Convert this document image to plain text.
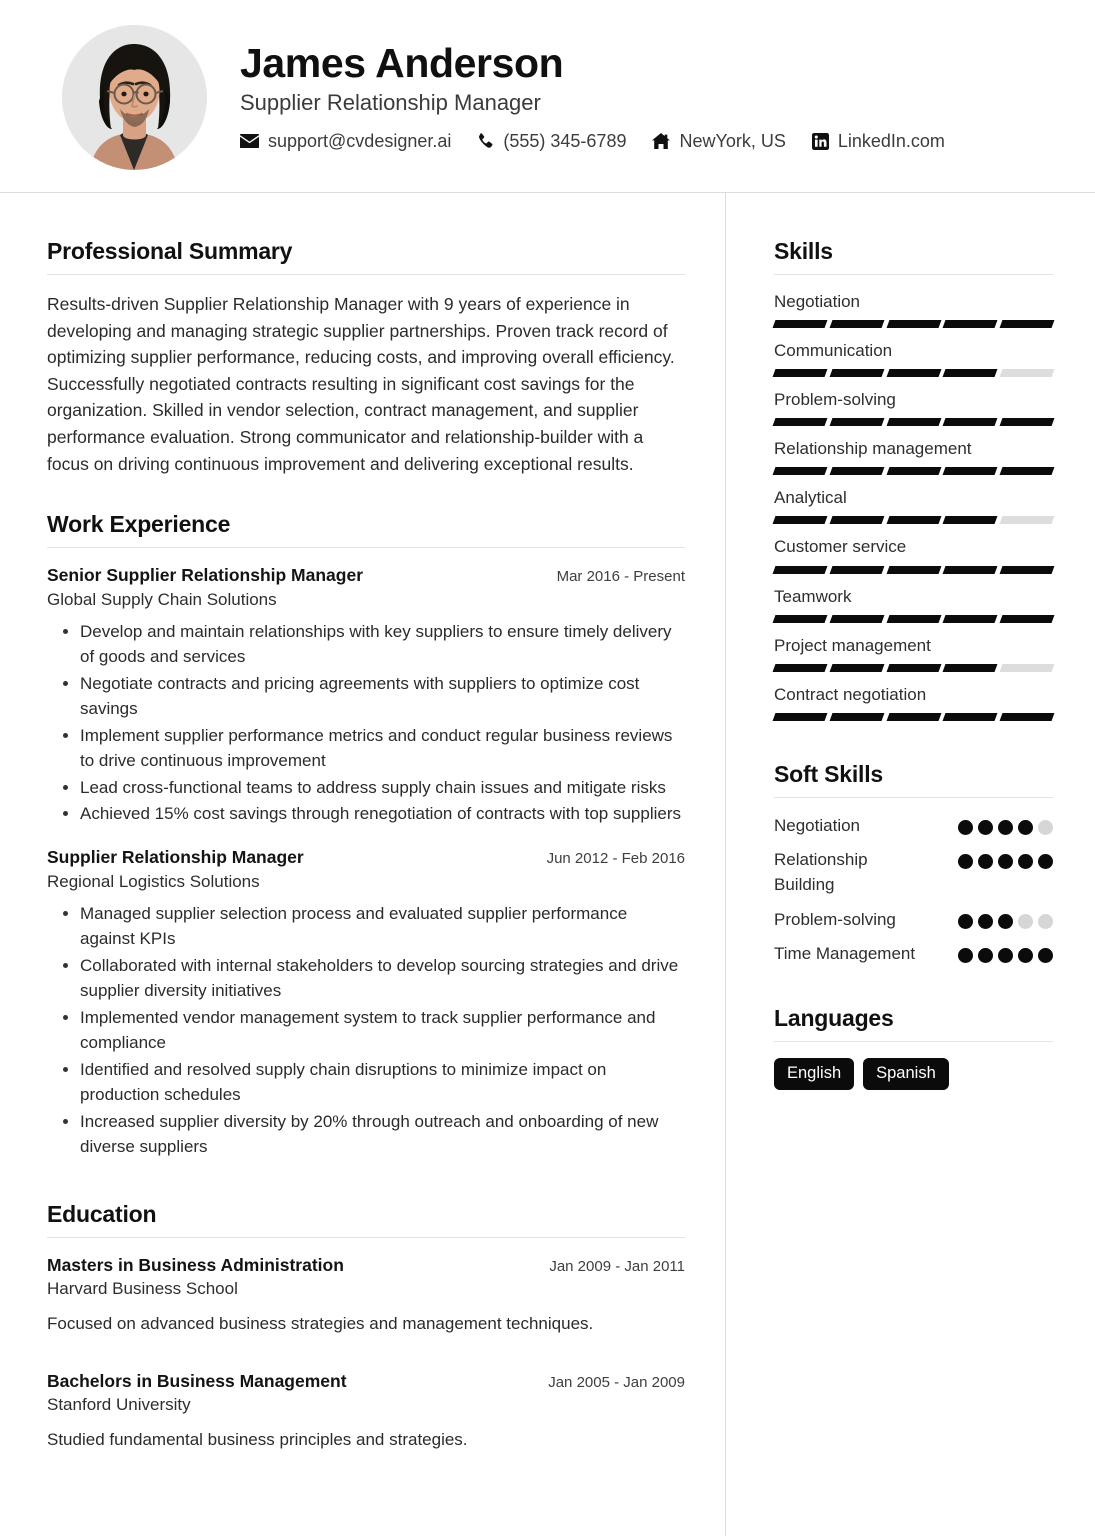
James Anderson
Supplier Relationship Manager
support@cvdesigner.ai	(555) 345-6789	NewYork, US	LinkedIn.com
Professional Summary

Results-driven Supplier Relationship Manager with 9 years of experience in developing and managing strategic supplier partnerships. Proven track record of optimizing supplier performance, reducing costs, and improving overall efficiency. Successfully negotiated contracts resulting in significant cost savings for the organization. Skilled in vendor selection, contract management, and supplier performance evaluation. Strong communicator and relationship-builder with a focus on driving continuous improvement and delivering exceptional results.

Work Experience
Senior Supplier Relationship Manager	Mar 2016 - Present
Global Supply Chain Solutions
Develop and maintain relationships with key suppliers to ensure timely delivery of goods and services
Negotiate contracts and pricing agreements with suppliers to optimize cost savings
Implement supplier performance metrics and conduct regular business reviews to drive continuous improvement
Lead cross-functional teams to address supply chain issues and mitigate risks
Achieved 15% cost savings through renegotiation of contracts with top suppliers
Supplier Relationship Manager	Jun 2012 - Feb 2016
Regional Logistics Solutions
Managed supplier selection process and evaluated supplier performance against KPIs
Collaborated with internal stakeholders to develop sourcing strategies and drive supplier diversity initiatives
Implemented vendor management system to track supplier performance and compliance
Identified and resolved supply chain disruptions to minimize impact on production schedules
Increased supplier diversity by 20% through outreach and onboarding of new diverse suppliers
Education
Masters in Business Administration	Jan 2009 - Jan 2011
Harvard Business School
Focused on advanced business strategies and management techniques.
Bachelors in Business Management	Jan 2005 - Jan 2009
Stanford University
Studied fundamental business principles and strategies.
Skills
Negotiation
Communication
Problem-solving
Relationship management
Analytical
Customer service
Teamwork
Project management
Contract negotiation
Soft Skills
Negotiation
Relationship Building
Problem-solving
Time Management
Languages
English	Spanish
